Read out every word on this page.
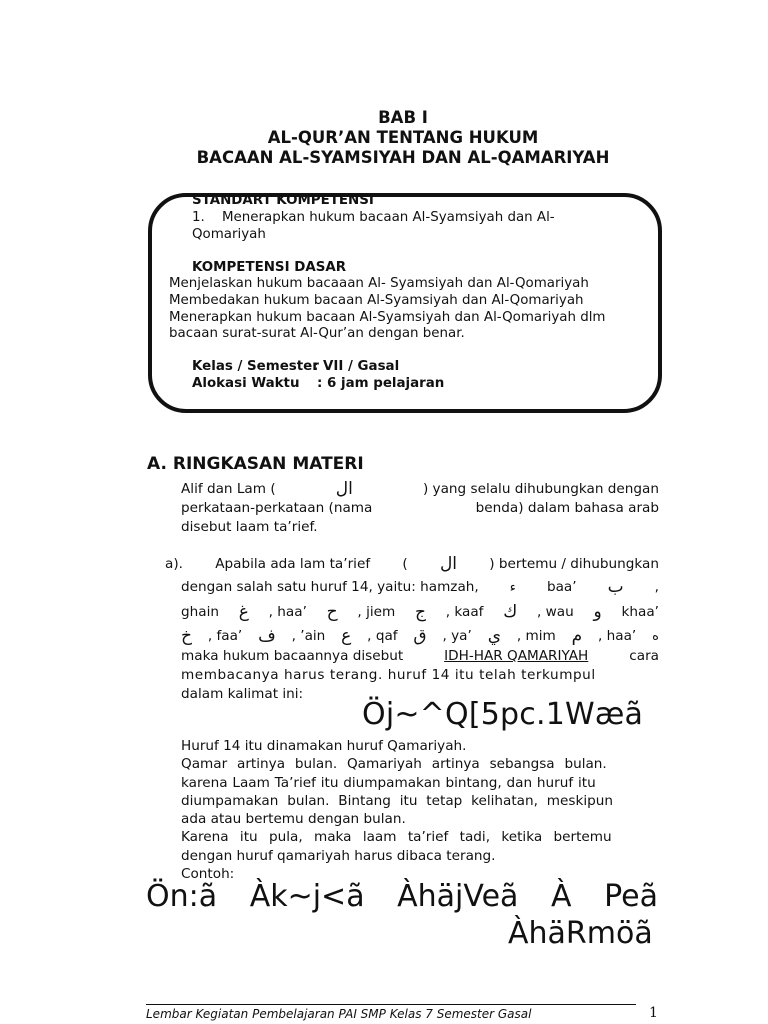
BAB I
AL-QUR’AN TENTANG HUKUM
BACAAN AL-SYAMSIYAH DAN AL-QAMARIYAH
STANDART KOMPETENSI
1. Menerapkan hukum bacaan Al-Syamsiyah dan Al-
Qomariyah
KOMPETENSI DASAR
Menjelaskan hukum bacaaan Al- Syamsiyah dan Al-Qomariyah
Membedakan hukum bacaan Al-Syamsiyah dan Al-Qomariyah
Menerapkan hukum bacaan Al-Syamsiyah dan Al-Qomariyah dlm
bacaan surat-surat Al-Qur’an dengan benar.
Kelas / Semester
: VII / Gasal
Alokasi Waktu : 6 jam pelajaran
A. RINGKASAN MATERI
Alif dan Lam (	ال	) yang selalu dihubungkan dengan
perkataan-perkataan (nama	benda) dalam bahasa arab
disebut laam ta’rief.
a). Apabila ada lam ta’rief ( ال ) bertemu / dihubungkan
dengan salah satu huruf 14, yaitu: hamzah, ء baa’ ب ,
ghain غ , haa’ ح , jiem ج , kaaf ك , wau و khaa’
خ , faa’ ف , ’ain ع , qaf ق , ya’ ي , mim م , haa’ ه
maka hukum bacaannya disebut	IDH-HAR QAMARIYAH	cara
membacanya harus terang. huruf 14 itu telah terkumpul
dalam kalimat ini:
Öj~^Q[5pc.1Wæã
Huruf 14 itu dinamakan huruf Qamariyah.
Qamar artinya bulan. Qamariyah artinya sebangsa bulan.
karena Laam Ta’rief itu diumpamakan bintang, dan huruf itu
diumpamakan bulan. Bintang itu tetap kelihatan, meskipun
ada atau bertemu dengan bulan.
Karena itu pula, maka laam ta’rief tadi, ketika bertemu
dengan huruf qamariyah harus dibaca terang.
Contoh:
Ön:ã Àk~j<ã ÀhäjVeã À Peã
ÀhäRmöã
Lembar Kegiatan Pembelajaran PAI SMP Kelas 7 Semester Gasal	1
